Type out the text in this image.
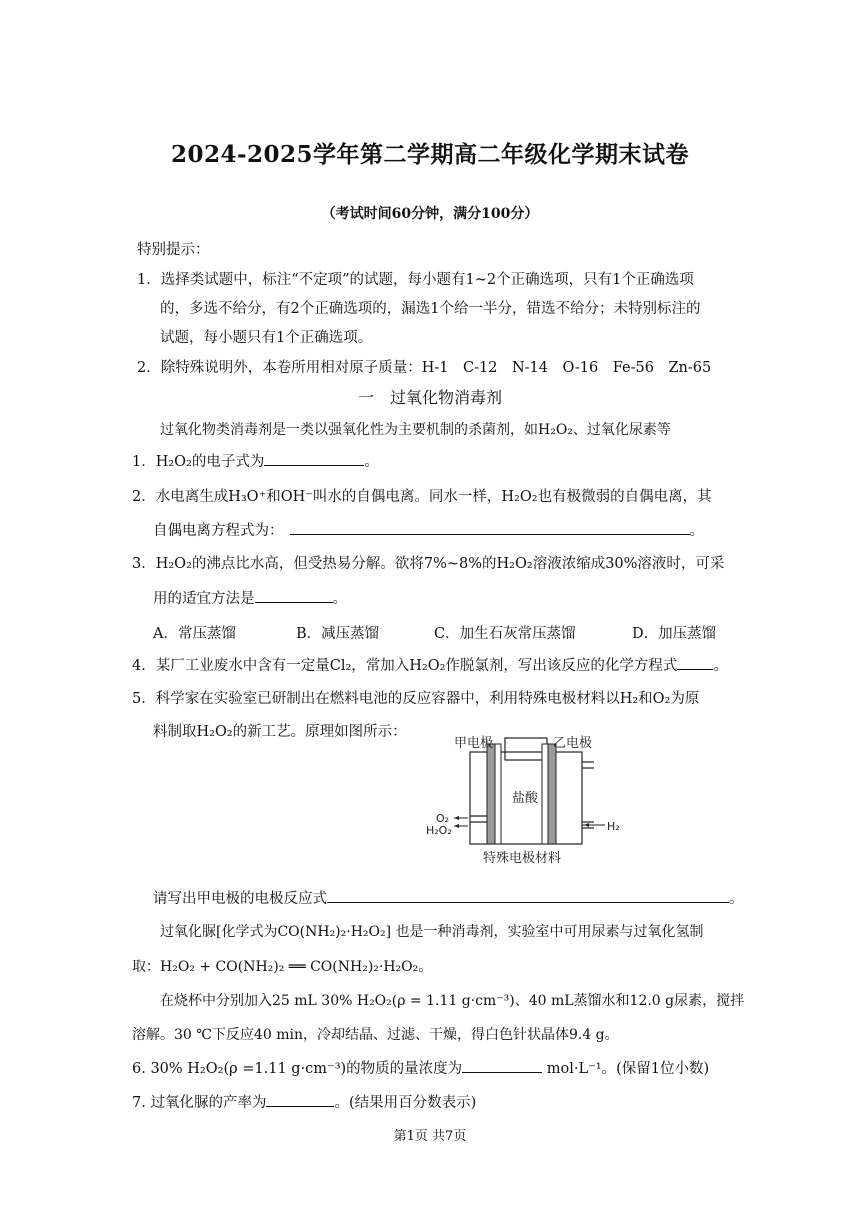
2024-2025学年第二学期高二年级化学期末试卷
（考试时间60分钟，满分100分）
特别提示：
1．选择类试题中，标注“不定项”的试题，每小题有1~2个正确选项，只有1个正确选项
的，多选不给分，有2个正确选项的，漏选1个给一半分，错选不给分；未特别标注的
试题，每小题只有1个正确选项。
2．除特殊说明外，本卷所用相对原子质量：H-1　C-12　N-14　O-16　Fe-56　Zn-65
一　过氧化物消毒剂
过氧化物类消毒剂是一类以强氧化性为主要机制的杀菌剂，如H₂O₂、过氧化尿素等
1．H₂O₂的电子式为	。
2．水电离生成H₃O⁺和OH⁻叫水的自偶电离。同水一样，H₂O₂也有极微弱的自偶电离，其
自偶电离方程式为：	。
3．H₂O₂的沸点比水高，但受热易分解。欲将7%~8%的H₂O₂溶液浓缩成30%溶液时，可采
用的适宜方法是	。
A．常压蒸馏	B．减压蒸馏	C．加生石灰常压蒸馏	D．加压蒸馏
4．某厂工业废水中含有一定量Cl₂，常加入H₂O₂作脱氯剂，写出该反应的化学方程式 。
5．科学家在实验室已研制出在燃料电池的反应容器中，利用特殊电极材料以H₂和O₂为原
料制取H₂O₂的新工艺。原理如图所示：
甲电极	乙电极
盐酸
O₂
H₂O₂	H₂
特殊电极材料
请写出甲电极的电极反应式	。
过氧化脲[化学式为CO(NH₂)₂·H₂O₂] 也是一种消毒剂，实验室中可用尿素与过氧化氢制
取：H₂O₂ + CO(NH₂)₂ ══ CO(NH₂)₂·H₂O₂。
在烧杯中分别加入25 mL 30% H₂O₂(ρ = 1.11 g·cm⁻³)、40 mL蒸馏水和12.0 g尿素，搅拌
溶解。30 ℃下反应40 min，冷却结晶、过滤、干燥，得白色针状晶体9.4 g。
6. 30% H₂O₂(ρ =1.11 g·cm⁻³)的物质的量浓度为	mol·L⁻¹。(保留1位小数)
7. 过氧化脲的产率为	。(结果用百分数表示)
第1页 共7页
